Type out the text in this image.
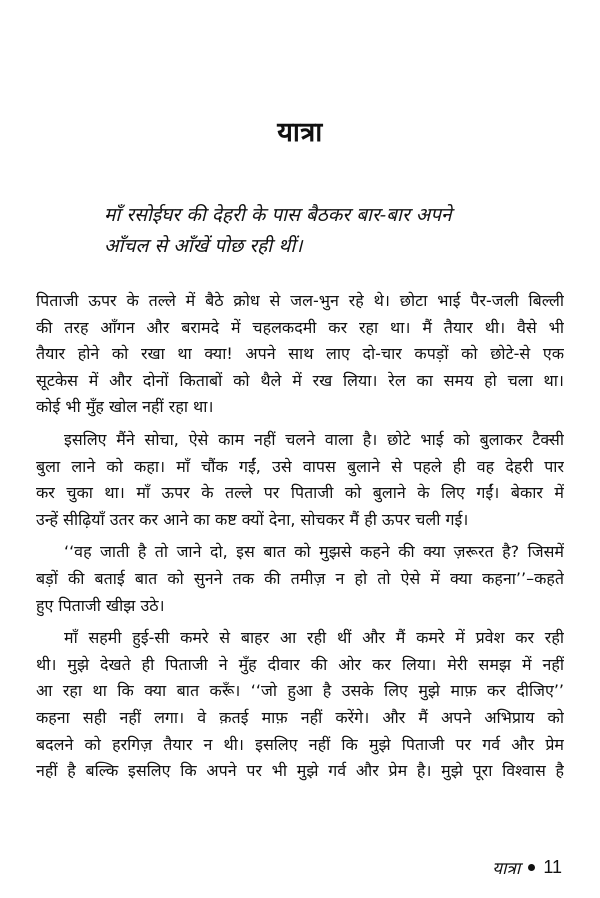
यात्रा
माँ रसोईघर की देहरी के पास बैठकर बार-बार अपने
आँचल से आँखें पोछ रही थीं।
पिताजी ऊपर के तल्ले में बैठे क्रोध से जल-भुन रहे थे। छोटा भाई पैर-जली बिल्ली
की तरह आँगन और बरामदे में चहलकदमी कर रहा था। मैं तैयार थी। वैसे भी
तैयार होने को रखा था क्या! अपने साथ लाए दो-चार कपड़ों को छोटे-से एक
सूटकेस में और दोनों किताबों को थैले में रख लिया। रेल का समय हो चला था।
कोई भी मुँह खोल नहीं रहा था।
इसलिए मैंने सोचा, ऐसे काम नहीं चलने वाला है। छोटे भाई को बुलाकर टैक्सी
बुला लाने को कहा। माँ चौंक गईं, उसे वापस बुलाने से पहले ही वह देहरी पार
कर चुका था। माँ ऊपर के तल्ले पर पिताजी को बुलाने के लिए गईं। बेकार में
उन्हें सीढ़ियाँ उतर कर आने का कष्ट क्यों देना, सोचकर मैं ही ऊपर चली गई।
‘‘वह जाती है तो जाने दो, इस बात को मुझसे कहने की क्या ज़रूरत है? जिसमें
बड़ों की बताई बात को सुनने तक की तमीज़ न हो तो ऐसे में क्या कहना’’–कहते
हुए पिताजी खीझ उठे।
माँ सहमी हुई-सी कमरे से बाहर आ रही थीं और मैं कमरे में प्रवेश कर रही
थी। मुझे देखते ही पिताजी ने मुँह दीवार की ओर कर लिया। मेरी समझ में नहीं
आ रहा था कि क्या बात करूँ। ‘‘जो हुआ है उसके लिए मुझे माफ़ कर दीजिए’’
कहना सही नहीं लगा। वे क़तई माफ़ नहीं करेंगे। और मैं अपने अभिप्राय को
बदलने को हरगिज़ तैयार न थी। इसलिए नहीं कि मुझे पिताजी पर गर्व और प्रेम
नहीं है बल्कि इसलिए कि अपने पर भी मुझे गर्व और प्रेम है। मुझे पूरा विश्वास है
यात्रा 11
